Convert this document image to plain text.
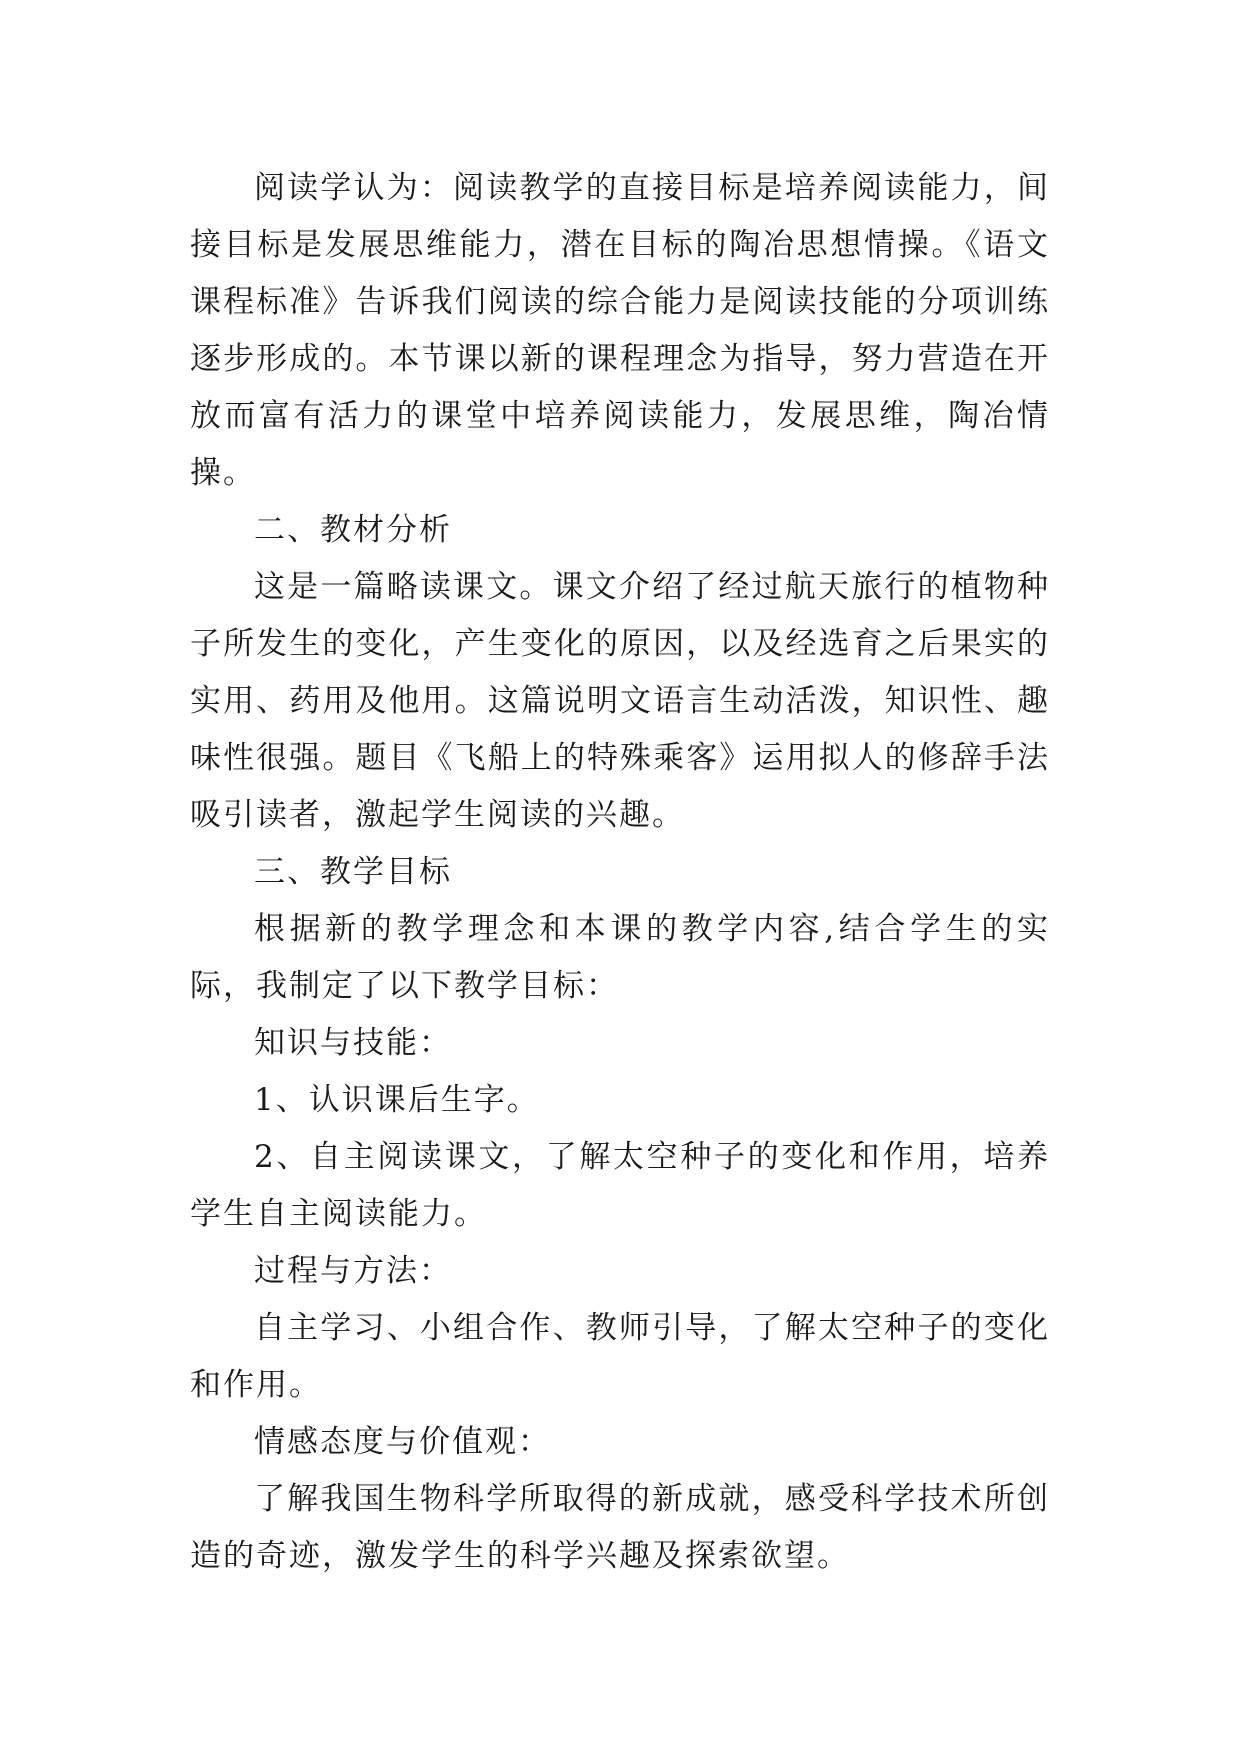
阅读学认为：阅读教学的直接目标是培养阅读能力，间接目标是发展思维能力，潜在目标的陶冶思想情操。《语文课程标准》告诉我们阅读的综合能力是阅读技能的分项训练逐步形成的。本节课以新的课程理念为指导，努力营造在开放而富有活力的课堂中培养阅读能力，发展思维，陶冶情操。

二、教材分析

这是一篇略读课文。课文介绍了经过航天旅行的植物种子所发生的变化，产生变化的原因，以及经选育之后果实的实用、药用及他用。这篇说明文语言生动活泼，知识性、趣味性很强。题目《飞船上的特殊乘客》运用拟人的修辞手法吸引读者，激起学生阅读的兴趣。

三、教学目标

根据新的教学理念和本课的教学内容,结合学生的实际，我制定了以下教学目标：

知识与技能：

1、认识课后生字。

2、自主阅读课文，了解太空种子的变化和作用，培养学生自主阅读能力。

过程与方法：

自主学习、小组合作、教师引导，了解太空种子的变化和作用。

情感态度与价值观：

了解我国生物科学所取得的新成就，感受科学技术所创造的奇迹，激发学生的科学兴趣及探索欲望。
